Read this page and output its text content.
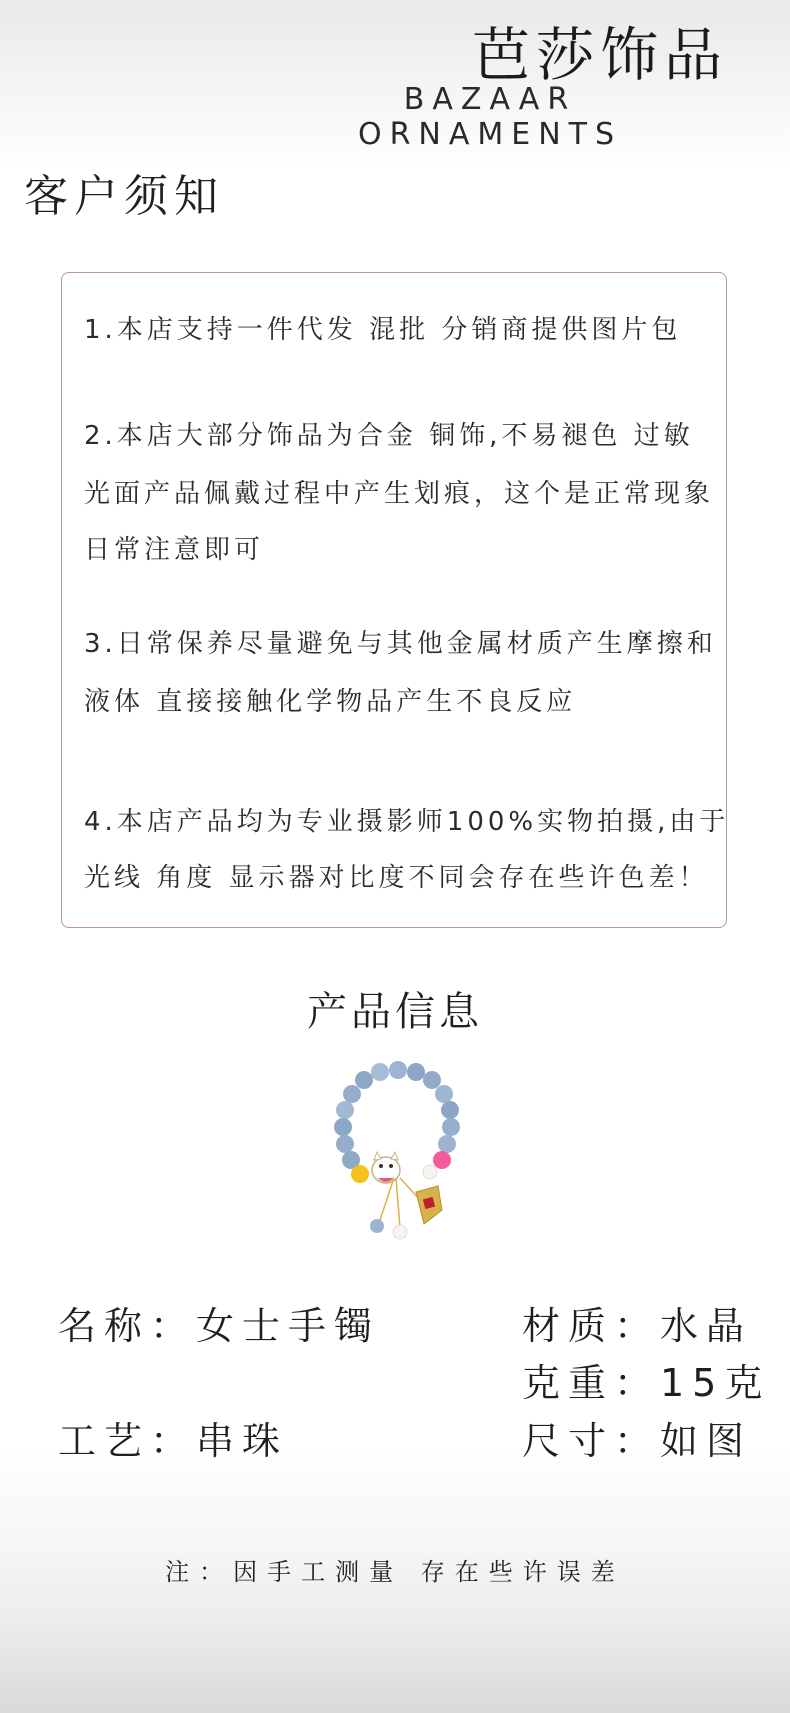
芭莎饰品
BAZAAR ORNAMENTS
客户须知
1.本店支持一件代发 混批 分销商提供图片包
2.本店大部分饰品为合金 铜饰,不易褪色 过敏
光面产品佩戴过程中产生划痕，这个是正常现象
日常注意即可
3.日常保养尽量避免与其他金属材质产生摩擦和
液体 直接接触化学物品产生不良反应
4.本店产品均为专业摄影师100%实物拍摄,由于
光线 角度 显示器对比度不同会存在些许色差！
产品信息
名称：女士手镯	材质：水晶
克重：15克
工艺：串珠	尺寸：如图
注：因手工测量 存在些许误差
